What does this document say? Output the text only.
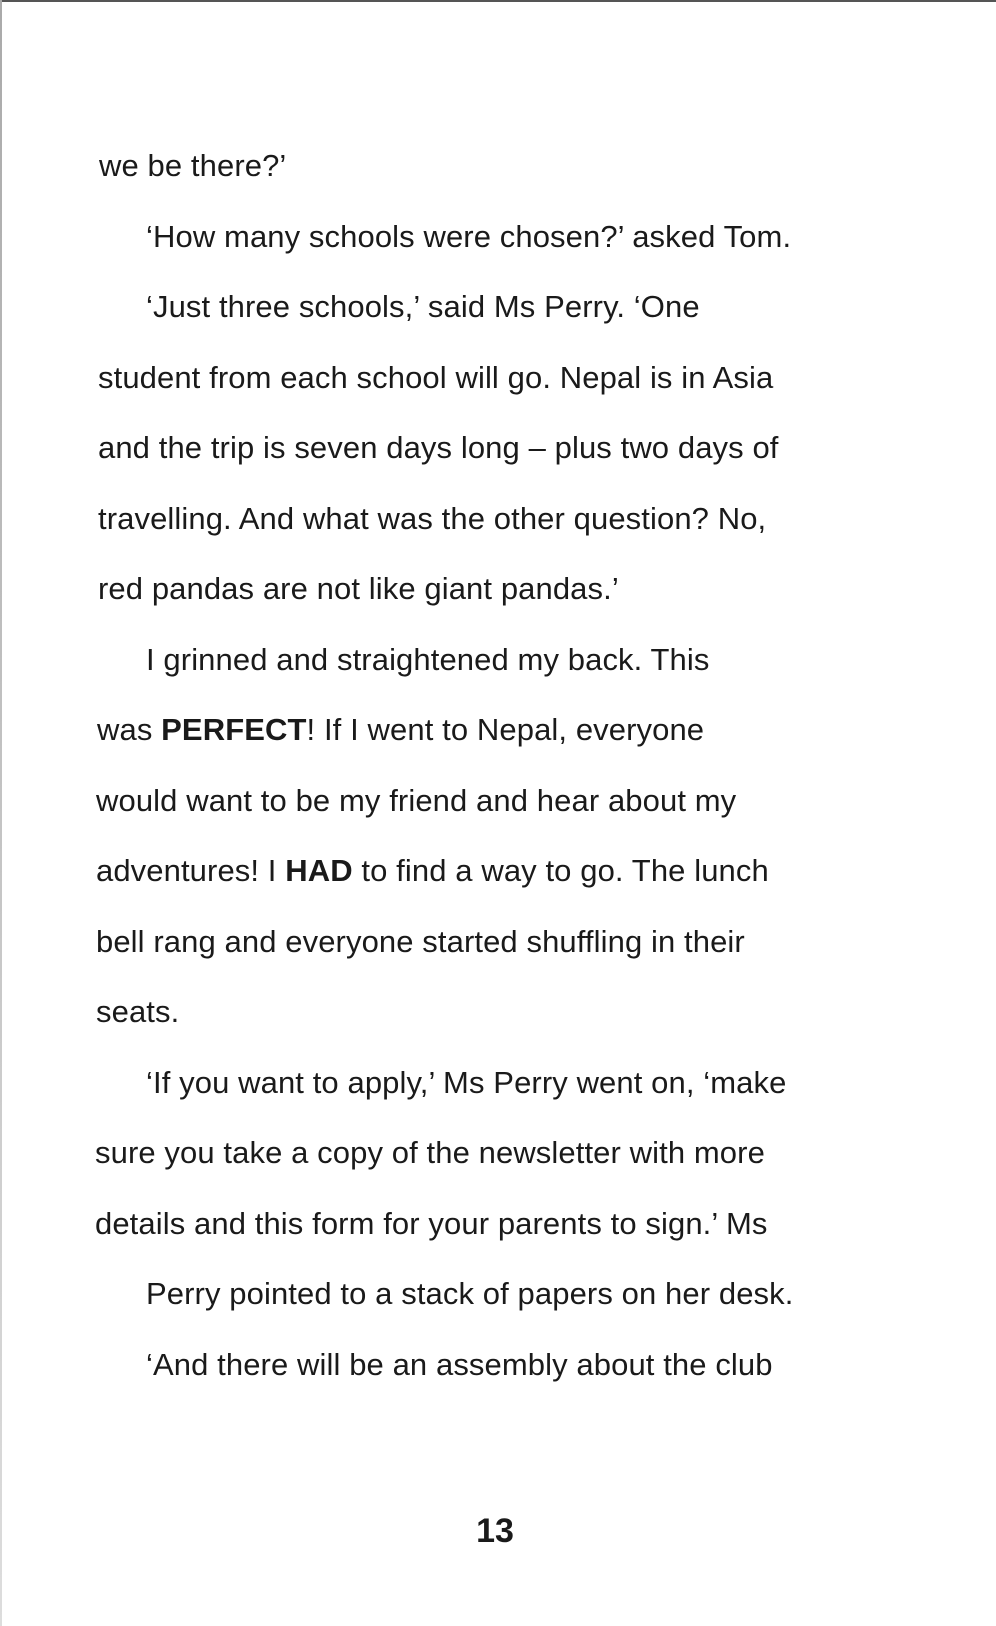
we be there?’
‘How many schools were chosen?’ asked Tom.
‘Just three schools,’ said Ms Perry. ‘One
student from each school will go. Nepal is in Asia
and the trip is seven days long – plus two days of
travelling. And what was the other question? No,
red pandas are not like giant pandas.’
I grinned and straightened my back. This
was PERFECT! If I went to Nepal, everyone
would want to be my friend and hear about my
adventures! I HAD to find a way to go. The lunch
bell rang and everyone started shuffling in their
seats.
‘If you want to apply,’ Ms Perry went on, ‘make
sure you take a copy of the newsletter with more
details and this form for your parents to sign.’ Ms
Perry pointed to a stack of papers on her desk.
‘And there will be an assembly about the club
13
